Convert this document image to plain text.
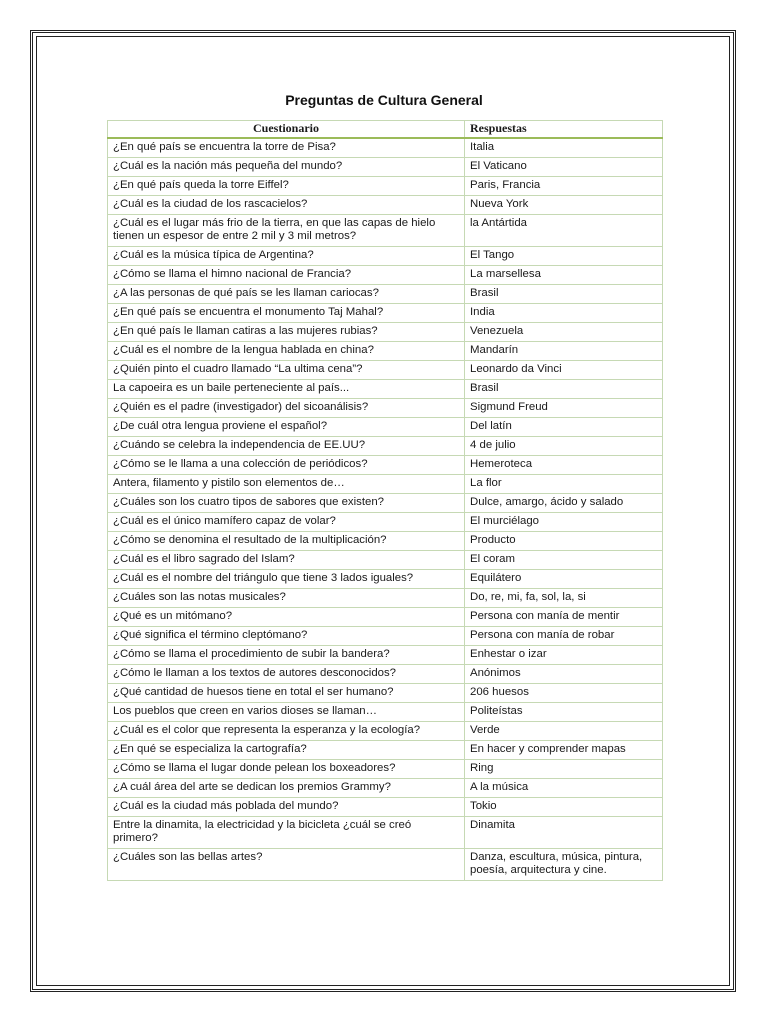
Preguntas de Cultura General
Cuestionario	Respuestas
¿En qué país se encuentra la torre de Pisa?	Italia
¿Cuál es la nación más pequeña del mundo?	El Vaticano
¿En qué país queda la torre Eiffel?	Paris, Francia
¿Cuál es la ciudad de los rascacielos?	Nueva York
¿Cuál es el lugar más frio de la tierra, en que las capas de hielo tienen un espesor de entre 2 mil y 3 mil metros?	la Antártida
¿Cuál es la música típica de Argentina?	El Tango
¿Cómo se llama el himno nacional de Francia?	La marsellesa
¿A las personas de qué país se les llaman cariocas?	Brasil
¿En qué país se encuentra el monumento Taj Mahal?	India
¿En qué país le llaman catiras a las mujeres rubias?	Venezuela
¿Cuál es el nombre de la lengua hablada en china?	Mandarín
¿Quién pinto el cuadro llamado “La ultima cena”?	Leonardo da Vinci
La capoeira es un baile perteneciente al país...	Brasil
¿Quién es el padre (investigador) del sicoanálisis?	Sigmund Freud
¿De cuál otra lengua proviene el español?	Del latín
¿Cuándo se celebra la independencia de EE.UU?	4 de julio
¿Cómo se le llama a una colección de periódicos?	Hemeroteca
Antera, filamento y pistilo son elementos de…	La flor
¿Cuáles son los cuatro tipos de sabores que existen?	Dulce, amargo, ácido y salado
¿Cuál es el único mamífero capaz de volar?	El murciélago
¿Cómo se denomina el resultado de la multiplicación?	Producto
¿Cuál es el libro sagrado del Islam?	El coram
¿Cuál es el nombre del triángulo que tiene 3 lados iguales?	Equilátero
¿Cuáles son las notas musicales?	Do, re, mi, fa, sol, la, si
¿Qué es un mitómano?	Persona con manía de mentir
¿Qué significa el término cleptómano?	Persona con manía de robar
¿Cómo se llama el procedimiento de subir la bandera?	Enhestar o izar
¿Cómo le llaman a los textos de autores desconocidos?	Anónimos
¿Qué cantidad de huesos tiene en total el ser humano?	206 huesos
Los pueblos que creen en varios dioses se llaman…	Politeístas
¿Cuál es el color que representa la esperanza y la ecología?	Verde
¿En qué se especializa la cartografía?	En hacer y comprender mapas
¿Cómo se llama el lugar donde pelean los boxeadores?	Ring
¿A cuál área del arte se dedican los premios Grammy?	A la música
¿Cuál es la ciudad más poblada del mundo?	Tokio
Entre la dinamita, la electricidad y la bicicleta ¿cuál se creó primero?	Dinamita
¿Cuáles son las bellas artes?	Danza, escultura, música, pintura, poesía, arquitectura y cine.
